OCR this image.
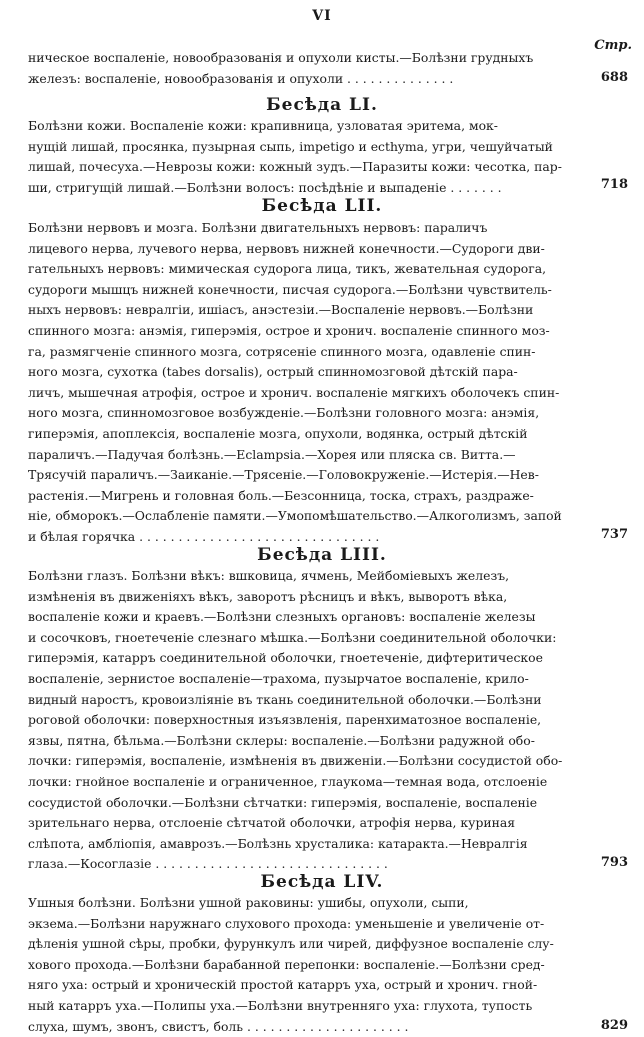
VI
Стр.
ническое воспаленіе, новообразованія и опухоли кисты.—Болѣзни грудныхъ
железъ: воспаленіе, новообразованія и опухоли . . . . . . . . . . . . . .	688
Бесѣда LI.
Болѣзни кожи. Воспаленіе кожи: крапивница, узловатая эритема, мок-
нущій лишай, просянка, пузырная сыпь, impetigo и ecthyma, угри, чешуйчатый
лишай, почесуха.—Неврозы кожи: кожный зудъ.—Паразиты кожи: чесотка, пар-
ши, стригущій лишай.—Болѣзни волосъ: посѣдѣніе и выпаденіе . . . . . . .	718
Бесѣда LII.
Болѣзни нервовъ и мозга. Болѣзни двигательныхъ нервовъ: параличъ
лицевого нерва, лучевого нерва, нервовъ нижней конечности.—Судороги дви-
гательныхъ нервовъ: мимическая судорога лица, тикъ, жевательная судорога,
судороги мышцъ нижней конечности, писчая судорога.—Болѣзни чувствитель-
ныхъ нервовъ: невралгіи, ишіасъ, анэстезіи.—Воспаленіе нервовъ.—Болѣзни
спинного мозга: анэмія, гиперэмія, острое и хронич. воспаленіе спинного моз-
га, размягченіе спинного мозга, сотрясеніе спинного мозга, одавленіе спин-
ного мозга, сухотка (tabes dorsalis), острый спинномозговой дѣтскій пара-
личъ, мышечная атрофія, острое и хронич. воспаленіе мягкихъ оболочекъ спин-
ного мозга, спинномозговое возбужденіе.—Болѣзни головного мозга: анэмія,
гиперэмія, апоплексія, воспаленіе мозга, опухоли, водянка, острый дѣтскій
параличъ.—Падучая болѣзнь.—Eclampsia.—Хорея или пляска св. Витта.—
Трясучій параличъ.—Заиканіе.—Трясеніе.—Головокруженіе.—Истерія.—Нев-
растенія.—Мигрень и головная боль.—Безсонница, тоска, страхъ, раздраже-
ніе, обморокъ.—Ослабленіе памяти.—Умопомѣшательство.—Алкоголизмъ, запой
и бѣлая горячка . . . . . . . . . . . . . . . . . . . . . . . . . . . . . . .	737
Бесѣда LIII.
Болѣзни глазъ. Болѣзни вѣкъ: вшковица, ячмень, Мейбоміевыхъ железъ,
измѣненія въ движеніяхъ вѣкъ, заворотъ рѣсницъ и вѣкъ, выворотъ вѣка,
воспаленіе кожи и краевъ.—Болѣзни слезныхъ органовъ: воспаленіе железы
и сосочковъ, гноетеченіе слезнаго мѣшка.—Болѣзни соединительной оболочки:
гиперэмія, катарръ соединительной оболочки, гноетеченіе, дифтеритическое
воспаленіе, зернистое воспаленіе—трахома, пузырчатое воспаленіе, крило-
видный наростъ, кровоизліяніе въ ткань соединительной оболочки.—Болѣзни
роговой оболочки: поверхностныя изъязвленія, паренхиматозное воспаленіе,
язвы, пятна, бѣльма.—Болѣзни склеры: воспаленіе.—Болѣзни радужной обо-
лочки: гиперэмія, воспаленіе, измѣненія въ движеніи.—Болѣзни сосудистой обо-
лочки: гнойное воспаленіе и ограниченное, глаукома—темная вода, отслоеніе
сосудистой оболочки.—Болѣзни сѣтчатки: гиперэмія, воспаленіе, воспаленіе
зрительнаго нерва, отслоеніе сѣтчатой оболочки, атрофія нерва, куриная
слѣпота, амбліопія, амаврозъ.—Болѣзнь хрусталика: катаракта.—Невралгія
глаза.—Косоглазіе . . . . . . . . . . . . . . . . . . . . . . . . . . . . . .	793
Бесѣда LIV.
Ушныя болѣзни. Болѣзни ушной раковины: ушибы, опухоли, сыпи,
экзема.—Болѣзни наружнаго слухового прохода: уменьшеніе и увеличеніе от-
дѣленія ушной сѣры, пробки, фурункулъ или чирей, диффузное воспаленіе слу-
хового прохода.—Болѣзни барабанной перепонки: воспаленіе.—Болѣзни сред-
няго уха: острый и хроническій простой катарръ уха, острый и хронич. гной-
ный катарръ уха.—Полипы уха.—Болѣзни внутренняго уха: глухота, тупость
слуха, шумъ, звонъ, свистъ, боль . . . . . . . . . . . . . . . . . . . . .	829
